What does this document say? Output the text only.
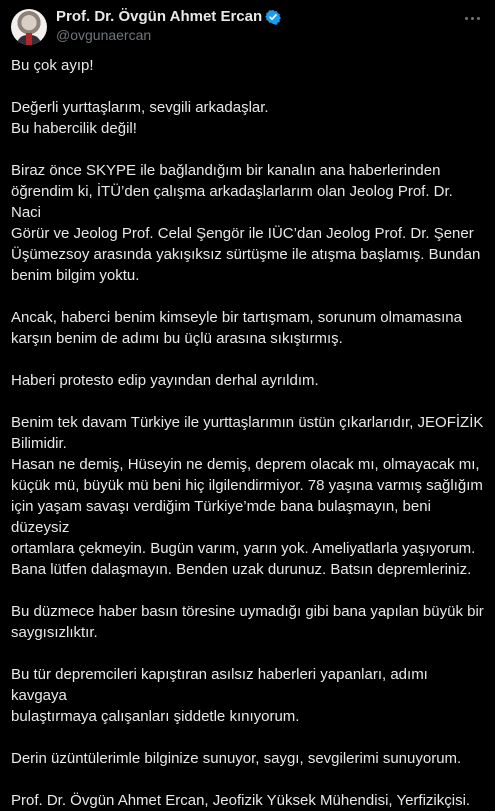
Prof. Dr. Övgün Ahmet Ercan
@ovgunaercan

Bu çok ayıp!

Değerli yurttaşlarım, sevgili arkadaşlar.
Bu habercilik değil!

Biraz önce SKYPE ile bağlandığım bir kanalın ana haberlerinden
öğrendim ki, İTÜ’den çalışma arkadaşlarlarım olan Jeolog Prof. Dr. Naci
Görür ve Jeolog Prof. Celal Şengör ile IÜC’dan Jeolog Prof. Dr. Şener
Üşümezsoy arasında yakışıksız sürtüşme ile atışma başlamış. Bundan
benim bilgim yoktu.

Ancak, haberci benim kimseyle bir tartışmam, sorunum olmamasına
karşın benim de adımı bu üçlü arasına sıkıştırmış.

Haberi protesto edip yayından derhal ayrıldım.

Benim tek davam Türkiye ile yurttaşlarımın üstün çıkarlarıdır, JEOFİZİK
Bilimidir.
Hasan ne demiş, Hüseyin ne demiş, deprem olacak mı, olmayacak mı,
küçük mü, büyük mü beni hiç ilgilendirmiyor. 78 yaşına varmış sağlığım
için yaşam savaşı verdiğim Türkiye’mde bana bulaşmayın, beni düzeysiz
ortamlara çekmeyin. Bugün varım, yarın yok. Ameliyatlarla yaşıyorum.
Bana lütfen dalaşmayın. Benden uzak durunuz. Batsın depremleriniz.

Bu düzmece haber basın töresine uymadığı gibi bana yapılan büyük bir
saygısızlıktır.

Bu tür depremcileri kapıştıran asılsız haberleri yapanları, adımı kavgaya
bulaştırmaya çalışanları şiddetle kınıyorum.

Derin üzüntülerimle bilginize sunuyor, saygı, sevgilerimi sunuyorum.

Prof. Dr. Övgün Ahmet Ercan, Jeofizik Yüksek Mühendisi, Yerfizikçisi.
